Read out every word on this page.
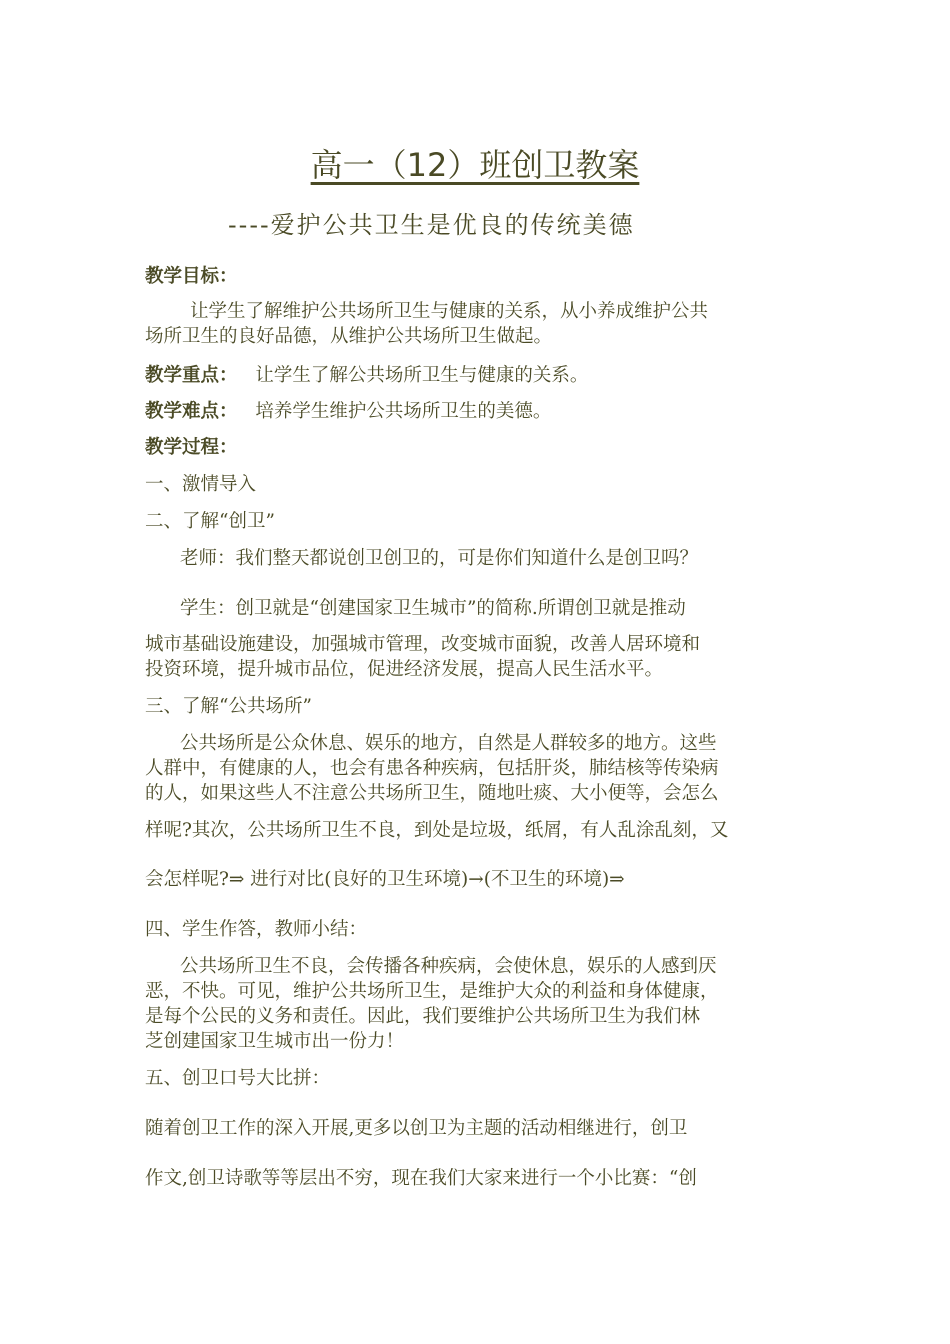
高一（12）班创卫教案
----爱护公共卫生是优良的传统美德
教学目标：
让学生了解维护公共场所卫生与健康的关系，从小养成维护公共
场所卫生的良好品德，从维护公共场所卫生做起。
教学重点： 让学生了解公共场所卫生与健康的关系。
教学难点： 培养学生维护公共场所卫生的美德。
教学过程：
一、激情导入
二、了解“创卫”
老师：我们整天都说创卫创卫的，可是你们知道什么是创卫吗？
学生：创卫就是“创建国家卫生城市”的简称.所谓创卫就是推动
城市基础设施建设，加强城市管理，改变城市面貌，改善人居环境和
投资环境，提升城市品位，促进经济发展，提高人民生活水平。
三、了解“公共场所”
公共场所是公众休息、娱乐的地方，自然是人群较多的地方。这些
人群中，有健康的人，也会有患各种疾病，包括肝炎，肺结核等传染病
的人，如果这些人不注意公共场所卫生，随地吐痰、大小便等，会怎么
样呢?其次，公共场所卫生不良，到处是垃圾，纸屑，有人乱涂乱刻，又
会怎样呢?⇒ 进行对比(良好的卫生环境)→(不卫生的环境)⇒
四、学生作答，教师小结：
公共场所卫生不良，会传播各种疾病，会使休息，娱乐的人感到厌
恶，不快。可见，维护公共场所卫生，是维护大众的利益和身体健康，
是每个公民的义务和责任。因此，我们要维护公共场所卫生为我们林
芝创建国家卫生城市出一份力！
五、创卫口号大比拼：
随着创卫工作的深入开展,更多以创卫为主题的活动相继进行，创卫
作文,创卫诗歌等等层出不穷，现在我们大家来进行一个小比赛：“创
